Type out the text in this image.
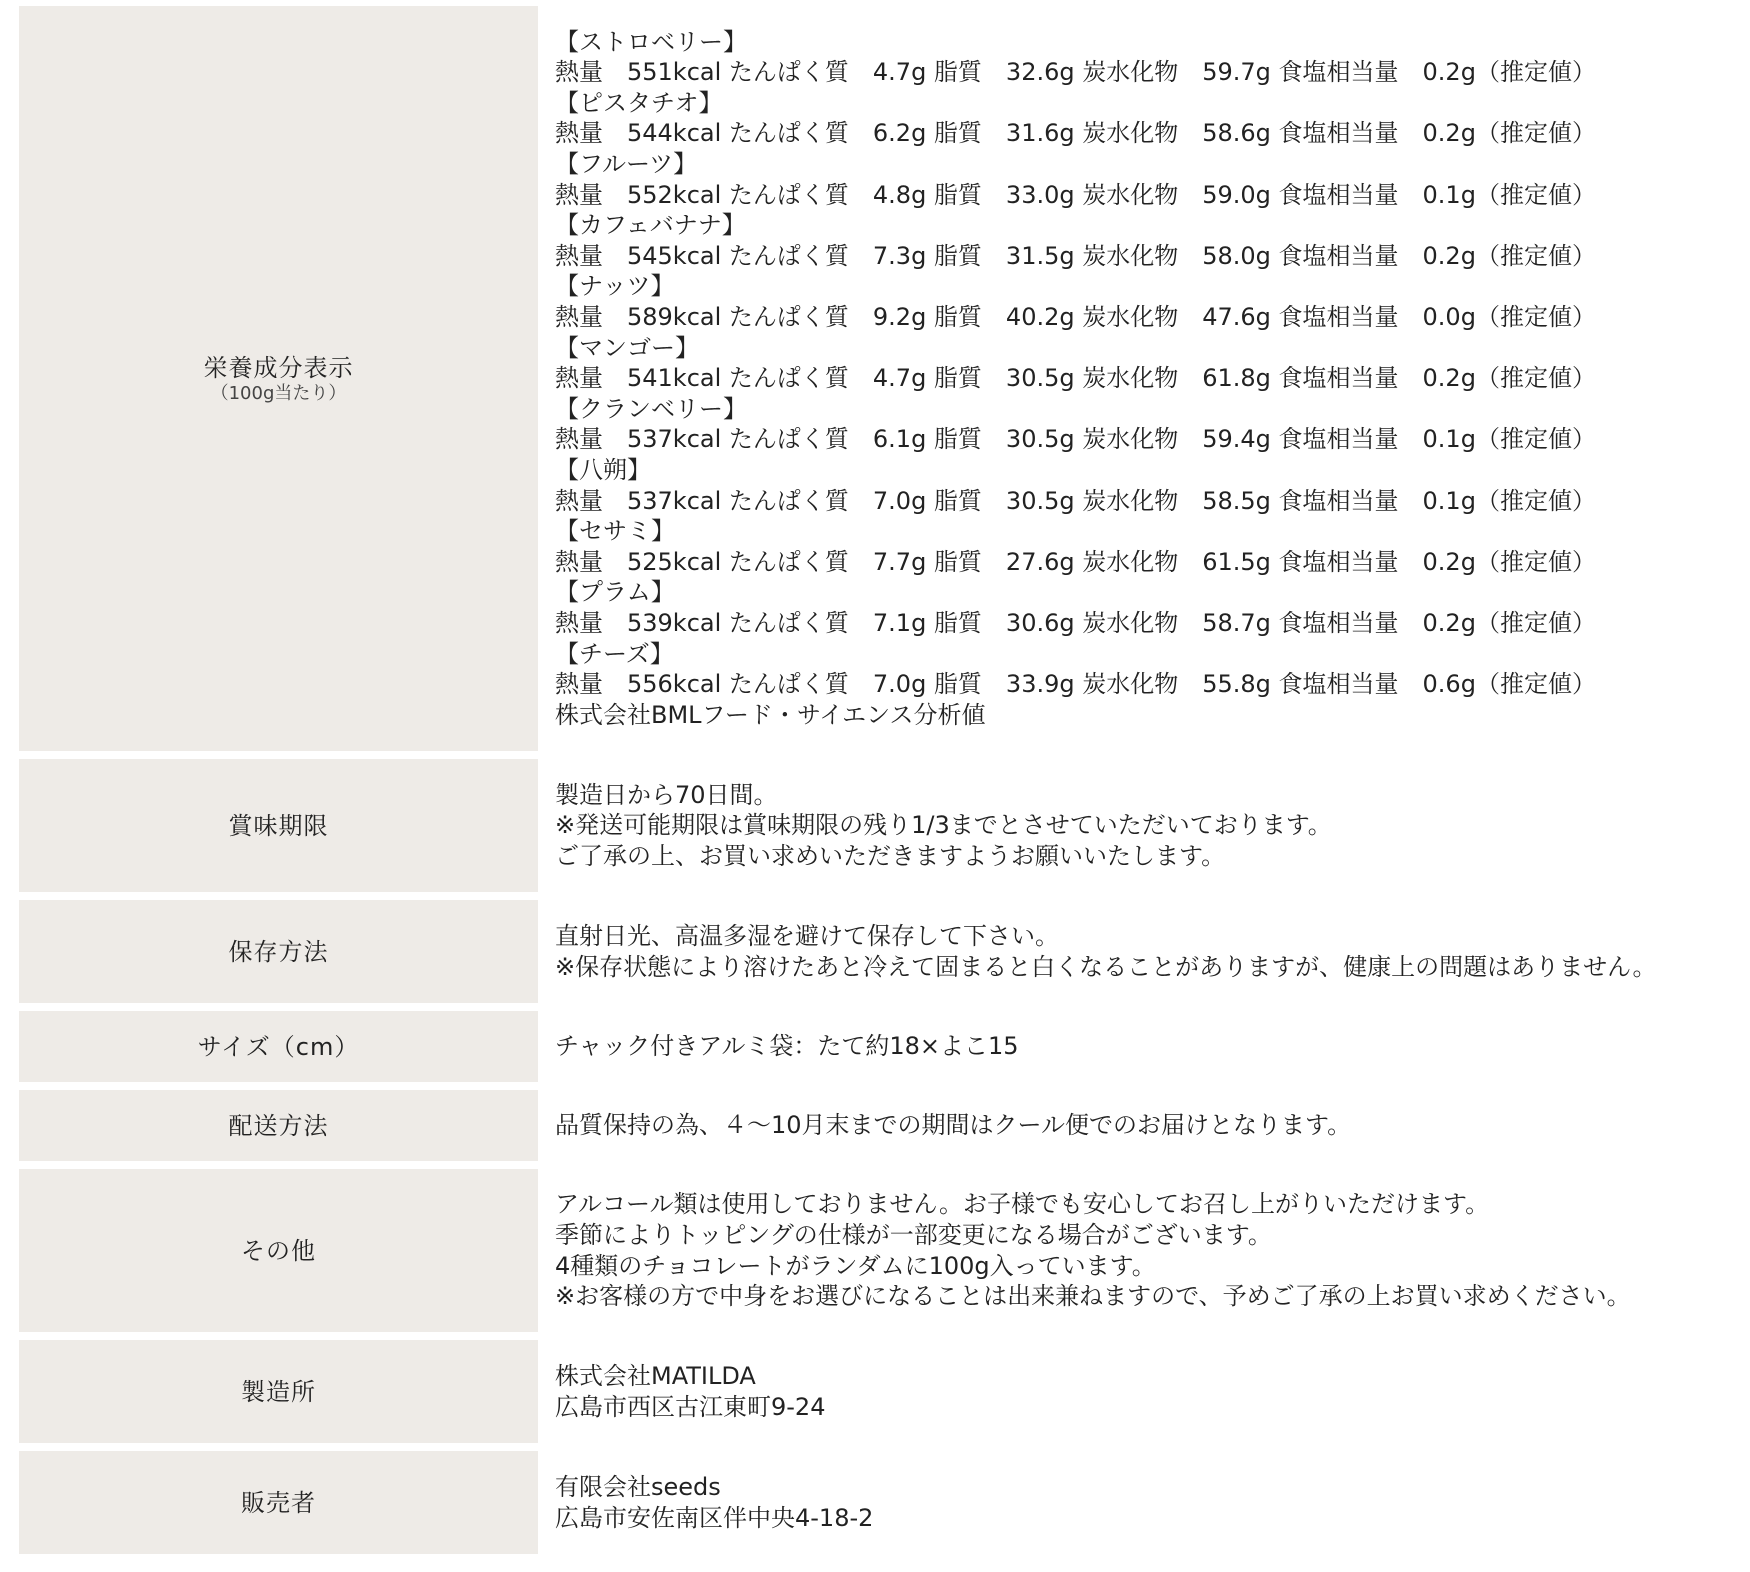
栄養成分表示
（100g当たり）
【ストロベリー】
熱量　551kcal たんぱく質　4.7g 脂質　32.6g 炭水化物　59.7g 食塩相当量　0.2g（推定値）
【ピスタチオ】
熱量　544kcal たんぱく質　6.2g 脂質　31.6g 炭水化物　58.6g 食塩相当量　0.2g（推定値）
【フルーツ】
熱量　552kcal たんぱく質　4.8g 脂質　33.0g 炭水化物　59.0g 食塩相当量　0.1g（推定値）
【カフェバナナ】
熱量　545kcal たんぱく質　7.3g 脂質　31.5g 炭水化物　58.0g 食塩相当量　0.2g（推定値）
【ナッツ】
熱量　589kcal たんぱく質　9.2g 脂質　40.2g 炭水化物　47.6g 食塩相当量　0.0g（推定値）
【マンゴー】
熱量　541kcal たんぱく質　4.7g 脂質　30.5g 炭水化物　61.8g 食塩相当量　0.2g（推定値）
【クランベリー】
熱量　537kcal たんぱく質　6.1g 脂質　30.5g 炭水化物　59.4g 食塩相当量　0.1g（推定値）
【八朔】
熱量　537kcal たんぱく質　7.0g 脂質　30.5g 炭水化物　58.5g 食塩相当量　0.1g（推定値）
【セサミ】
熱量　525kcal たんぱく質　7.7g 脂質　27.6g 炭水化物　61.5g 食塩相当量　0.2g（推定値）
【プラム】
熱量　539kcal たんぱく質　7.1g 脂質　30.6g 炭水化物　58.7g 食塩相当量　0.2g（推定値）
【チーズ】
熱量　556kcal たんぱく質　7.0g 脂質　33.9g 炭水化物　55.8g 食塩相当量　0.6g（推定値）
株式会社BMLフード・サイエンス分析値
賞味期限
製造日から70日間。
※発送可能期限は賞味期限の残り1/3までとさせていただいております。
ご了承の上、お買い求めいただきますようお願いいたします。
保存方法
直射日光、高温多湿を避けて保存して下さい。
※保存状態により溶けたあと冷えて固まると白くなることがありますが、健康上の問題はありません。
サイズ（cm）	チャック付きアルミ袋：たて約18×よこ15
配送方法	品質保持の為、４～10月末までの期間はクール便でのお届けとなります。
その他
アルコール類は使用しておりません。お子様でも安心してお召し上がりいただけます。
季節によりトッピングの仕様が一部変更になる場合がございます。
4種類のチョコレートがランダムに100g入っています。
※お客様の方で中身をお選びになることは出来兼ねますので、予めご了承の上お買い求めください。
製造所
株式会社MATILDA
広島市西区古江東町9-24
販売者
有限会社seeds
広島市安佐南区伴中央4-18-2
